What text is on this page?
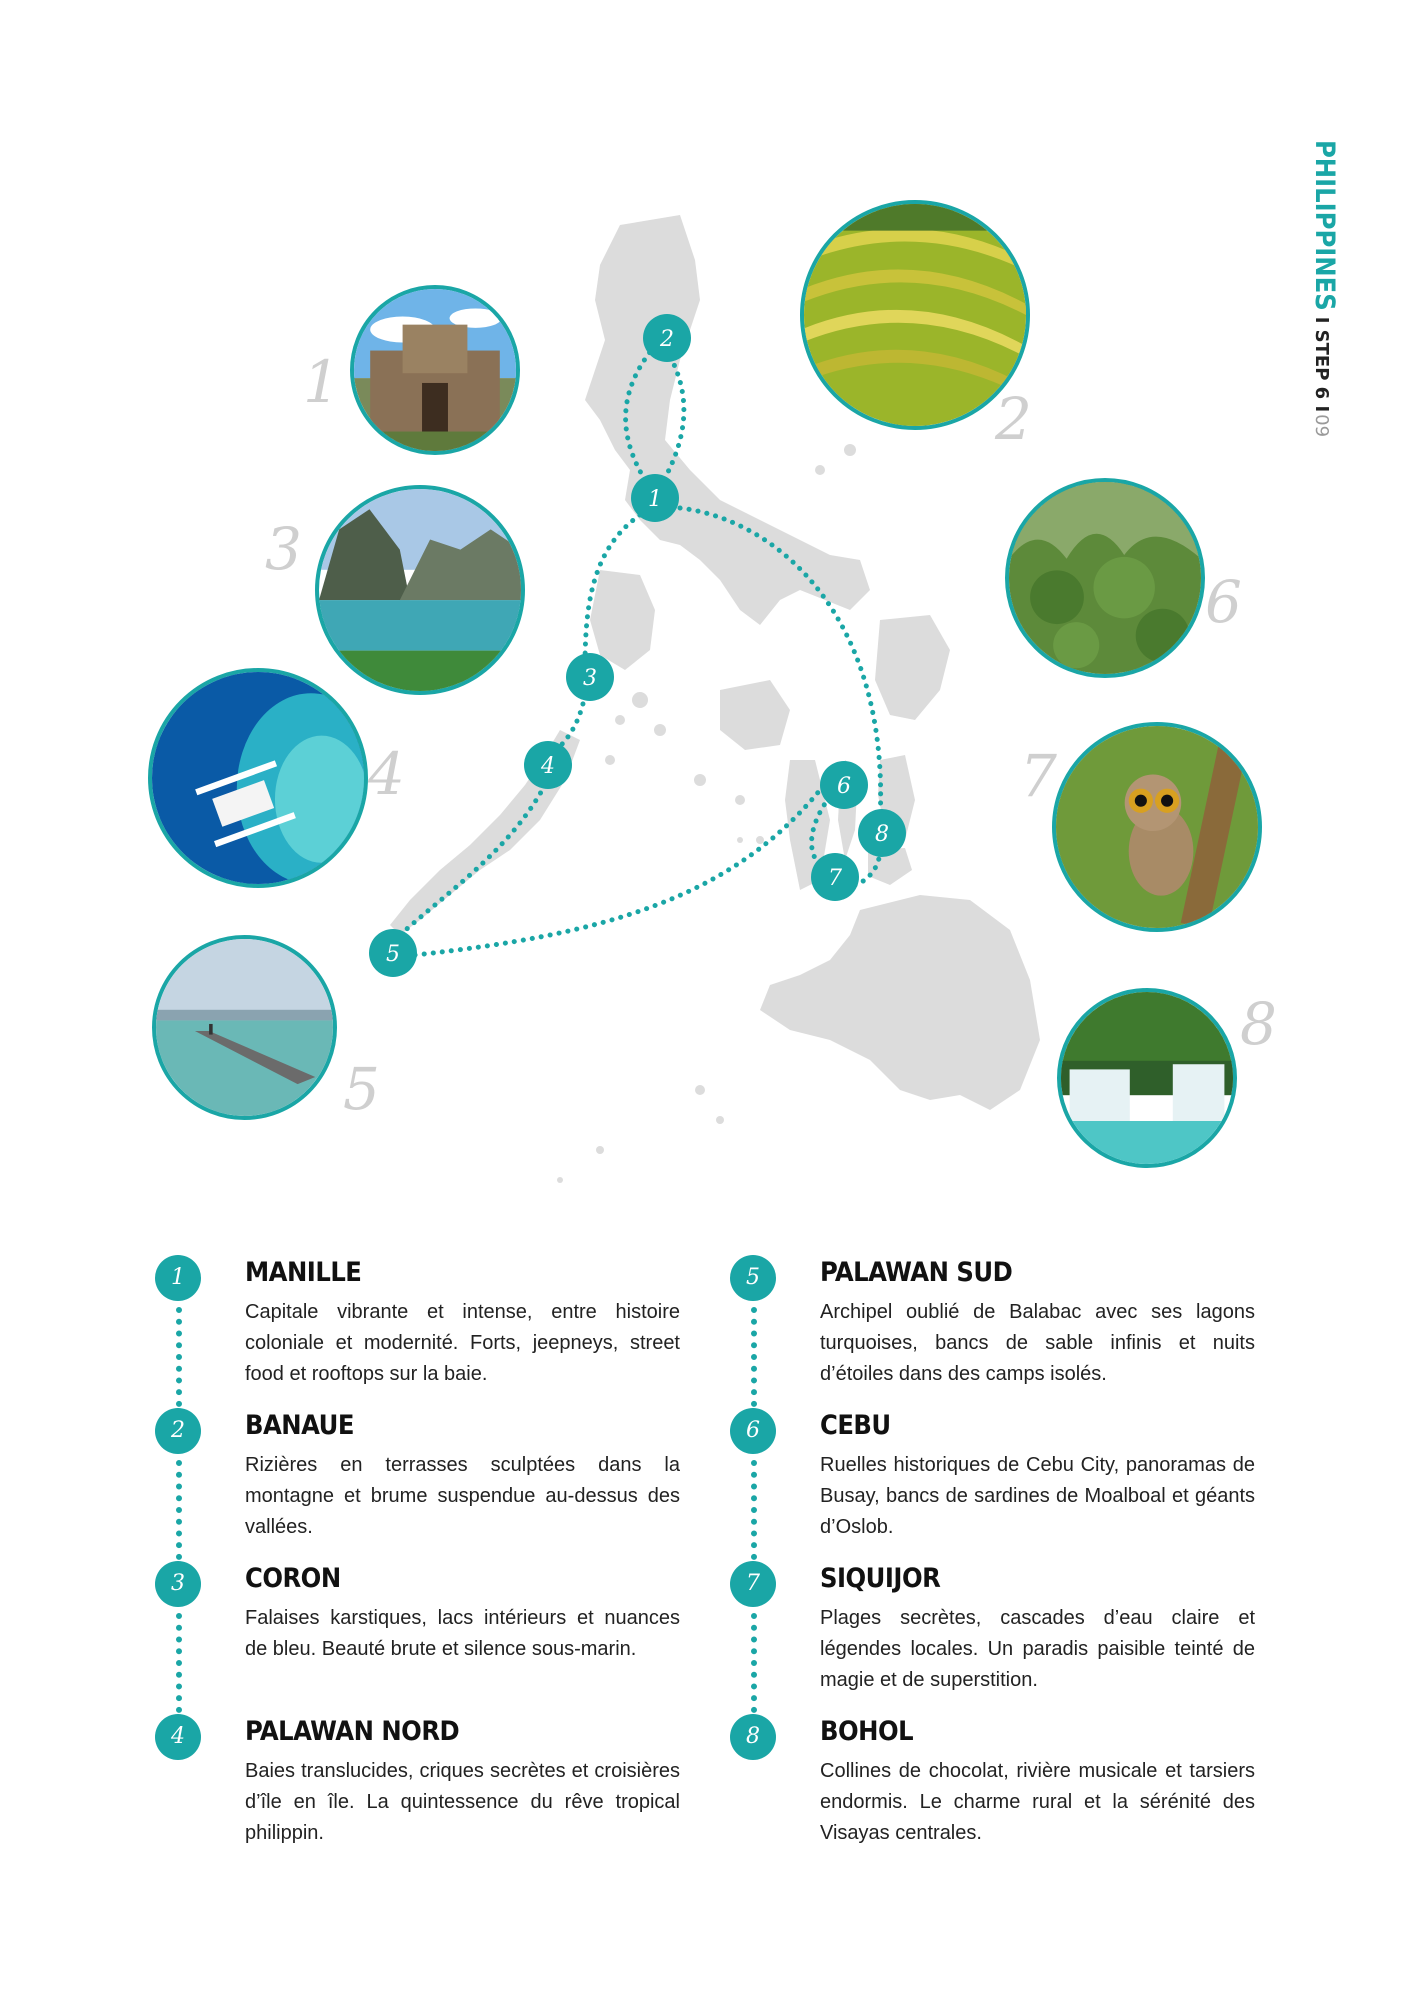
PHILIPPINESI STEP 6 I09
2
1
3
4
5
6
8
7
1
2
3
4
5
6
7
8
1	MANILLE
Capitale vibrante et intense, entre histoire coloniale et modernité. Forts, jeepneys, street food et rooftops sur la baie.
2	BANAUE
Rizières en terrasses sculptées dans la montagne et brume suspendue au-dessus des vallées.
3	CORON
Falaises karstiques, lacs intérieurs et nuances de bleu. Beauté brute et silence sous-marin.
4	PALAWAN NORD
Baies translucides, criques secrètes et croisières d’île en île. La quintessence du rêve tropical philippin.
5	PALAWAN SUD
Archipel oublié de Balabac avec ses lagons turquoises, bancs de sable infinis et nuits d’étoiles dans des camps isolés.
6	CEBU
Ruelles historiques de Cebu City, panoramas de Busay, bancs de sardines de Moalboal et géants d’Oslob.
7	SIQUIJOR
Plages secrètes, cascades d’eau claire et légendes locales. Un paradis paisible teinté de magie et de superstition.
8	BOHOL
Collines de chocolat, rivière musicale et tarsiers endormis. Le charme rural et la sérénité des Visayas centrales.
